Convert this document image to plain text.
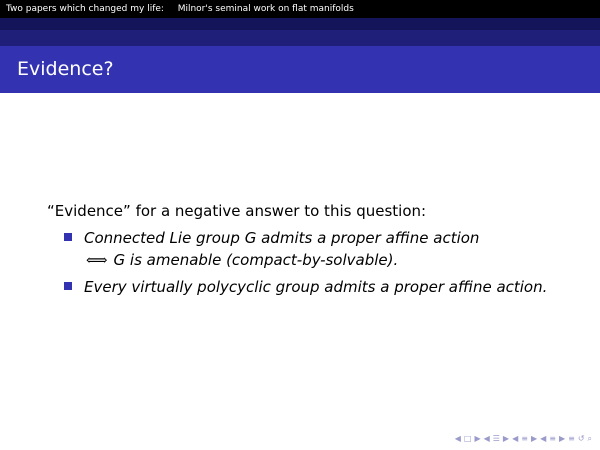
Two papers which changed my life: Milnor's seminal work on flat manifolds
Evidence?
“Evidence” for a negative answer to this question:
Connected Lie group G admits a proper affine action
⟺ G is amenable (compact-by-solvable).
Every virtually polycyclic group admits a proper affine action.
◀ □ ▶ ◀ ☰ ▶ ◀ ≡ ▶ ◀ ≡ ▶ ≡ ↺ ⌕
